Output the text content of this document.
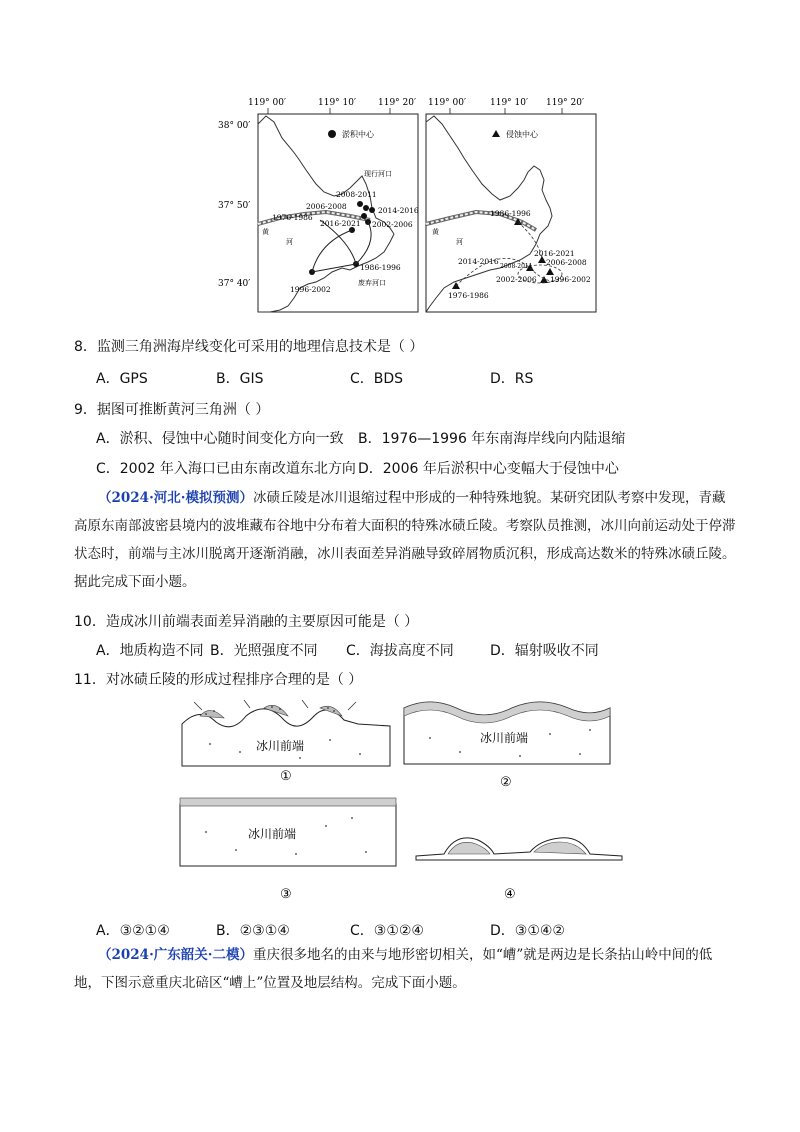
119° 00′	119° 10′ 119° 20′ 119° 00′	119° 10′ 119° 20′
38° 00′
37° 50′
37° 40′
淤积中心
现行河口
2008-2011
2006-2008	2014-2016
1976-1986
2016-2021 2002-2006
1986-1996
1996-2002
废弃河口
黄
河
侵蚀中心
1986-1996
2016-2021
2014-2016
2008-2011 2006-2008
2002-2006 1996-2002
1976-1986
黄
河
8．监测三角洲海岸线变化可采用的地理信息技术是（ ）
A．GPS	B．GIS	C．BDS	D．RS
9．据图可推断黄河三角洲（ ）
A．淤积、侵蚀中心随时间变化方向一致 B．1976—1996 年东南海岸线向内陆退缩
C．2002 年入海口已由东南改道东北方向 D．2006 年后淤积中心变幅大于侵蚀中心
（2024·河北·模拟预测）冰碛丘陵是冰川退缩过程中形成的一种特殊地貌。某研究团队考察中发现，青藏高原东南部波密县境内的波堆藏布谷地中分布着大面积的特殊冰碛丘陵。考察队员推测，冰川向前运动处于停滞状态时，前端与主冰川脱离开逐渐消融，冰川表面差异消融导致碎屑物质沉积，形成高达数米的特殊冰碛丘陵。据此完成下面小题。
10．造成冰川前端表面差异消融的主要原因可能是（ ）
A．地质构造不同 B．光照强度不同 C．海拔高度不同	D．辐射吸收不同
11．对冰碛丘陵的形成过程排序合理的是（ ）
冰川前端
①
冰川前端
②
冰川前端
③	④
A．③②①④	B．②③①④	C．③①②④	D．③①④②
（2024·广东韶关·二模）重庆很多地名的由来与地形密切相关，如“嶆”就是两边是长条拈山岭中间的低地，下图示意重庆北碚区“嶆上”位置及地层结构。完成下面小题。
